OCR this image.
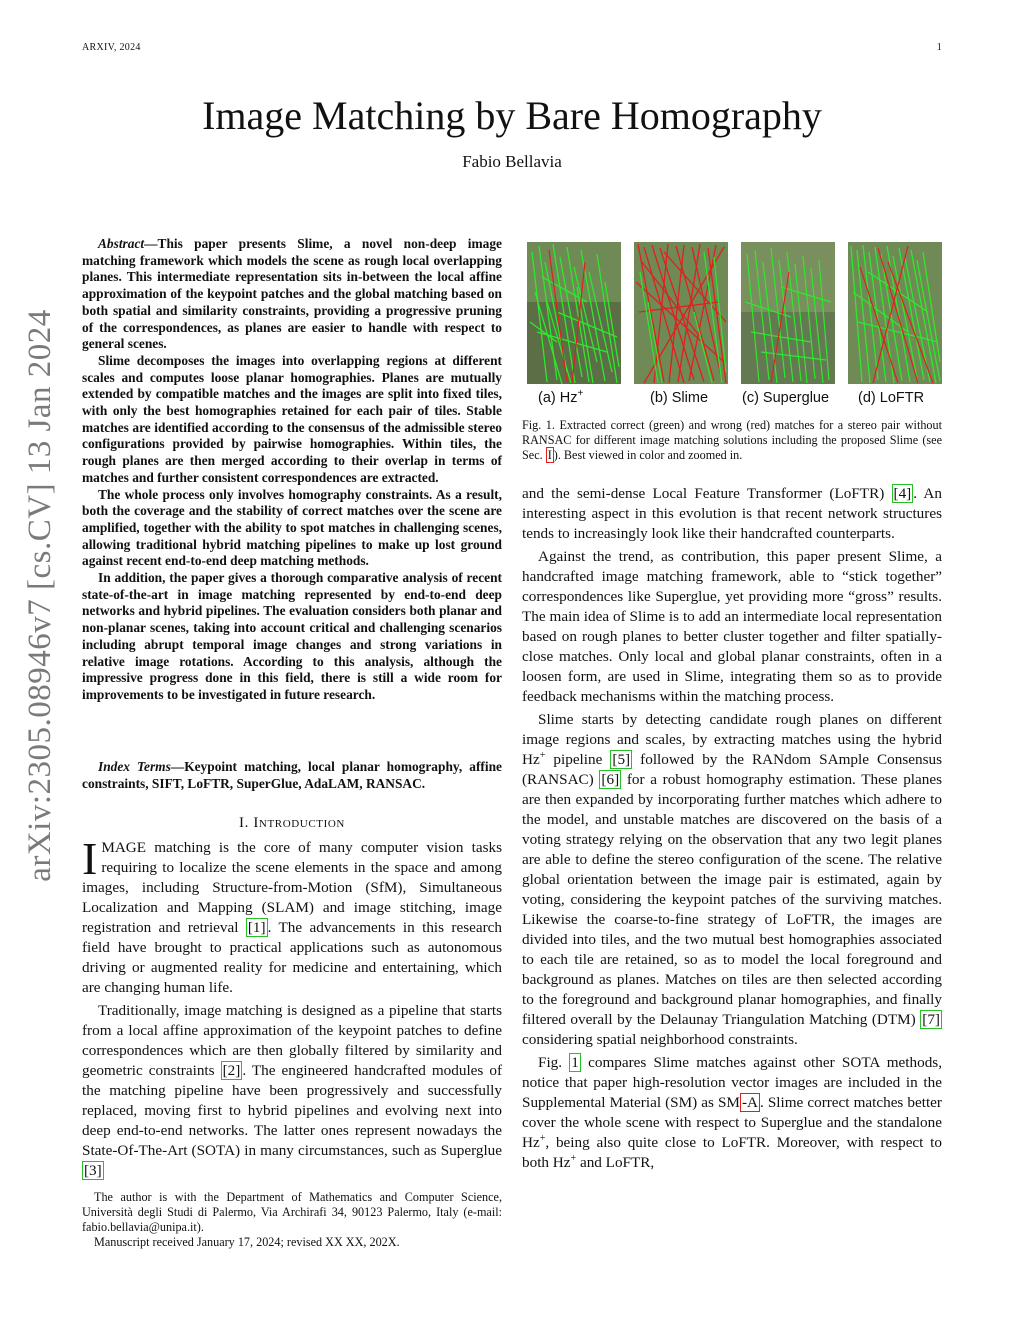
ARXIV, 2024	1
Image Matching by Bare Homography
Fabio Bellavia
arXiv:2305.08946v7 [cs.CV] 13 Jan 2024

Abstract—This paper presents Slime, a novel non-deep image matching framework which models the scene as rough local overlapping planes. This intermediate representation sits in-between the local affine approximation of the keypoint patches and the global matching based on both spatial and similarity constraints, providing a progressive pruning of the correspondences, as planes are easier to handle with respect to general scenes.

Slime decomposes the images into overlapping regions at different scales and computes loose planar homographies. Planes are mutually extended by compatible matches and the images are split into fixed tiles, with only the best homographies retained for each pair of tiles. Stable matches are identified according to the consensus of the admissible stereo configurations provided by pairwise homographies. Within tiles, the rough planes are then merged according to their overlap in terms of matches and further consistent correspondences are extracted.

The whole process only involves homography constraints. As a result, both the coverage and the stability of correct matches over the scene are amplified, together with the ability to spot matches in challenging scenes, allowing traditional hybrid matching pipelines to make up lost ground against recent end-to-end deep matching methods.

In addition, the paper gives a thorough comparative analysis of recent state-of-the-art in image matching represented by end-to-end deep networks and hybrid pipelines. The evaluation considers both planar and non-planar scenes, taking into account critical and challenging scenarios including abrupt temporal image changes and strong variations in relative image rotations. According to this analysis, although the impressive progress done in this field, there is still a wide room for improvements to be investigated in future research.

Index Terms—Keypoint matching, local planar homography, affine constraints, SIFT, LoFTR, SuperGlue, AdaLAM, RANSAC.

I. Introduction

IMAGE matching is the core of many computer vision tasks requiring to localize the scene elements in the space and among images, including Structure-from-Motion (SfM), Simultaneous Localization and Mapping (SLAM) and image stitching, image registration and retrieval [1] . The advancements in this research field have brought to practical applications such as autonomous driving or augmented reality for medicine and entertaining, which are changing human life.

Traditionally, image matching is designed as a pipeline that starts from a local affine approximation of the keypoint patches to define correspondences which are then globally filtered by similarity and geometric constraints [2] . The engineered handcrafted modules of the matching pipeline have been progressively and successfully replaced, moving first to hybrid pipelines and evolving next into deep end-to-end networks. The latter ones represent nowadays the State-Of-The-Art (SOTA) in many circumstances, such as Superglue [3]

The author is with the Department of Mathematics and Computer Science, Università degli Studi di Palermo, Via Archirafi 34, 90123 Palermo, Italy (e-mail: fabio.bellavia@unipa.it).

Manuscript received January 17, 2024; revised XX XX, 202X.

(a) Hz+	(b) Slime (c) Superglue (d) LoFTR

Fig. 1. Extracted correct (green) and wrong (red) matches for a stereo pair without RANSAC for different image matching solutions including the proposed Slime (see Sec. I ). Best viewed in color and zoomed in.

and the semi-dense Local Feature Transformer (LoFTR) [4] . An interesting aspect in this evolution is that recent network structures tends to increasingly look like their handcrafted counterparts.

Against the trend, as contribution, this paper present Slime, a handcrafted image matching framework, able to “stick together” correspondences like Superglue, yet providing more “gross” results. The main idea of Slime is to add an intermediate local representation based on rough planes to better cluster together and filter spatially-close matches. Only local and global planar constraints, often in a loosen form, are used in Slime, integrating them so as to provide feedback mechanisms within the matching process.

Slime starts by detecting candidate rough planes on different image regions and scales, by extracting matches using the hybrid Hz+ pipeline [5] followed by the RANdom SAmple Consensus (RANSAC) [6] for a robust homography estimation. These planes are then expanded by incorporating further matches which adhere to the model, and unstable matches are discovered on the basis of a voting strategy relying on the observation that any two legit planes are able to define the stereo configuration of the scene. The relative global orientation between the image pair is estimated, again by voting, considering the keypoint patches of the surviving matches. Likewise the coarse-to-fine strategy of LoFTR, the images are divided into tiles, and the two mutual best homographies associated to each tile are retained, so as to model the local foreground and background as planes. Matches on tiles are then selected according to the foreground and background planar homographies, and finally filtered overall by the Delaunay Triangulation Matching (DTM) [7] considering spatial neighborhood constraints.

Fig. 1 compares Slime matches against other SOTA methods, notice that paper high-resolution vector images are included in the Supplemental Material (SM) as SM -A . Slime correct matches better cover the whole scene with respect to Superglue and the standalone Hz+, being also quite close to LoFTR. Moreover, with respect to both Hz+ and LoFTR,
